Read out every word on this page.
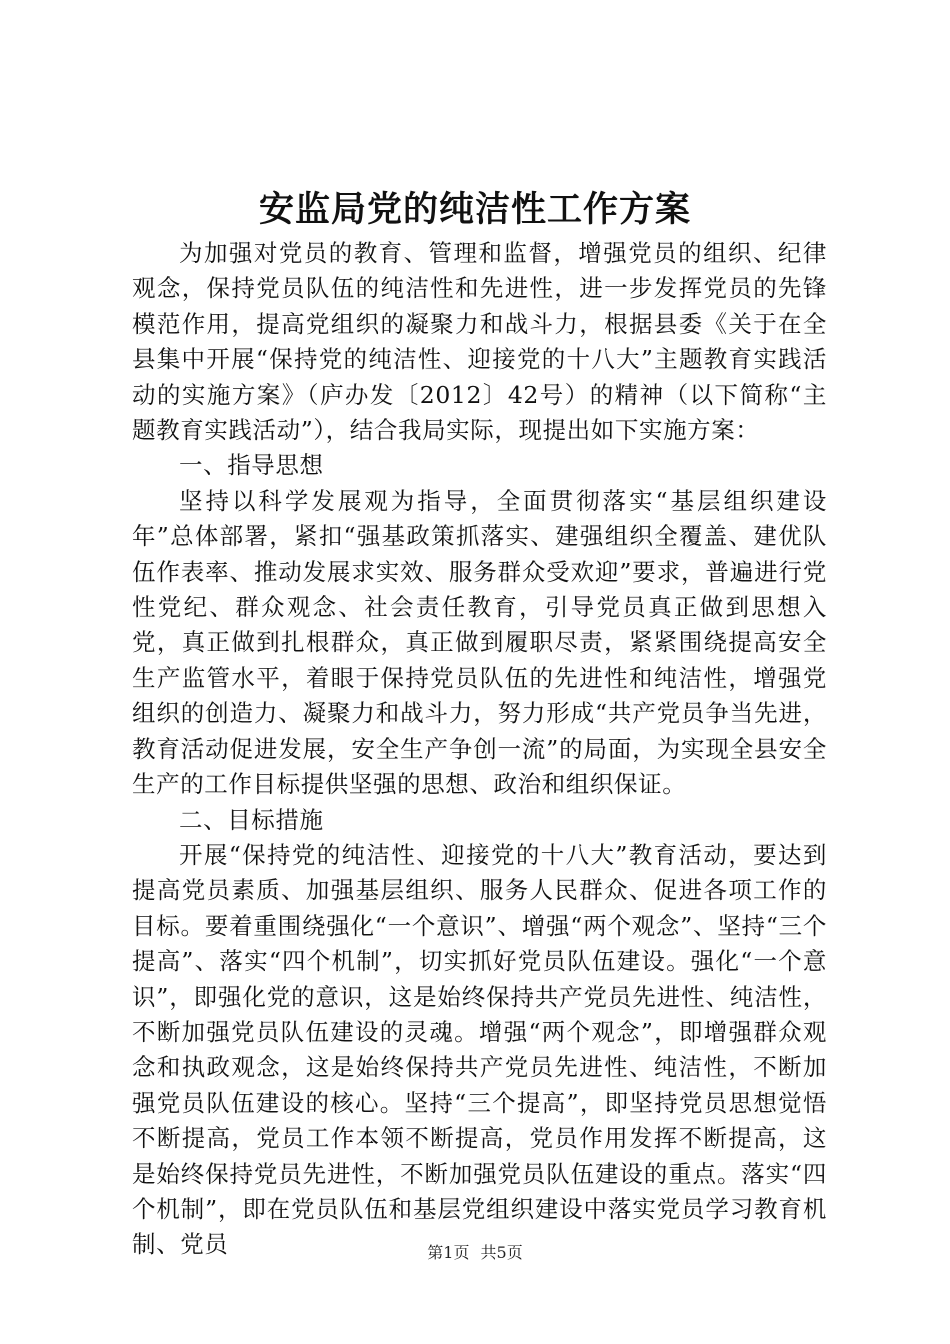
安监局党的纯洁性工作方案

为加强对党员的教育、管理和监督，增强党员的组织、纪律观念，保持党员队伍的纯洁性和先进性，进一步发挥党员的先锋模范作用，提高党组织的凝聚力和战斗力，根据县委《关于在全县集中开展“保持党的纯洁性、迎接党的十八大”主题教育实践活动的实施方案》（庐办发〔2012〕42号）的精神（以下简称“主题教育实践活动”），结合我局实际，现提出如下实施方案：

一、指导思想

坚持以科学发展观为指导，全面贯彻落实“基层组织建设年”总体部署，紧扣“强基政策抓落实、建强组织全覆盖、建优队伍作表率、推动发展求实效、服务群众受欢迎”要求，普遍进行党性党纪、群众观念、社会责任教育，引导党员真正做到思想入党，真正做到扎根群众，真正做到履职尽责，紧紧围绕提高安全生产监管水平，着眼于保持党员队伍的先进性和纯洁性，增强党组织的创造力、凝聚力和战斗力，努力形成“共产党员争当先进，教育活动促进发展，安全生产争创一流”的局面，为实现全县安全生产的工作目标提供坚强的思想、政治和组织保证。

二、目标措施

开展“保持党的纯洁性、迎接党的十八大”教育活动，要达到提高党员素质、加强基层组织、服务人民群众、促进各项工作的目标。要着重围绕强化“一个意识”、增强“两个观念”、坚持“三个提高”、落实“四个机制”，切实抓好党员队伍建设。强化“一个意识”，即强化党的意识，这是始终保持共产党员先进性、纯洁性，不断加强党员队伍建设的灵魂。增强“两个观念”，即增强群众观念和执政观念，这是始终保持共产党员先进性、纯洁性，不断加强党员队伍建设的核心。坚持“三个提高”，即坚持党员思想觉悟不断提高，党员工作本领不断提高，党员作用发挥不断提高，这是始终保持党员先进性，不断加强党员队伍建设的重点。落实“四个机制”，即在党员队伍和基层党组织建设中落实党员学习教育机制、党员	第1页 共5页
